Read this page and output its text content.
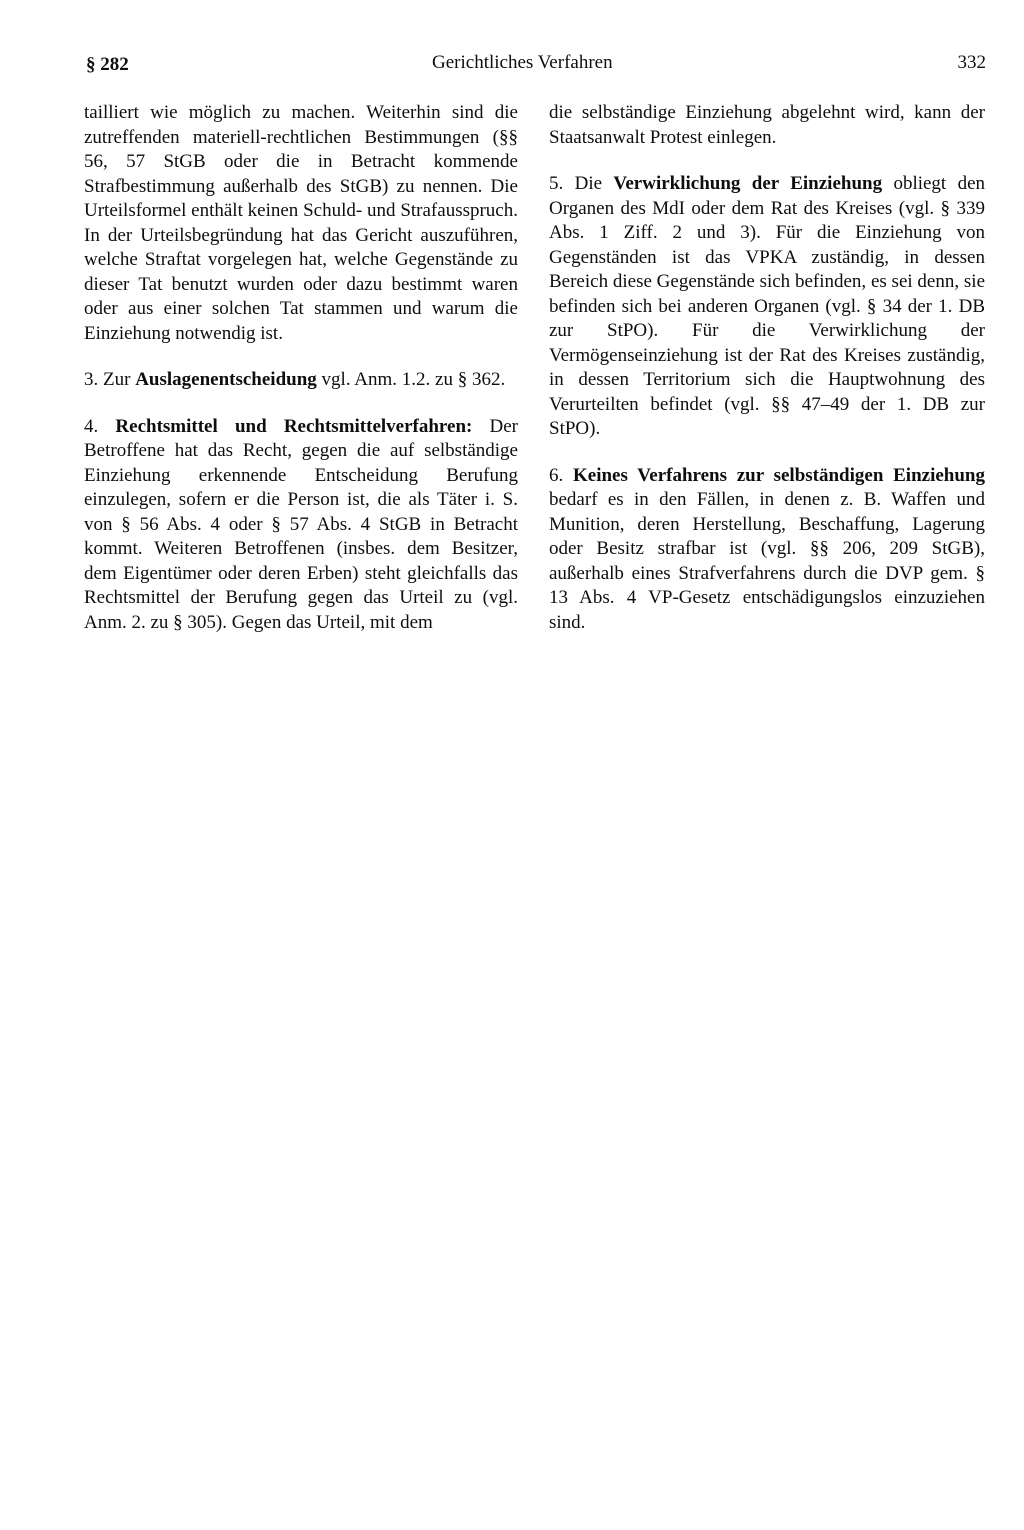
§ 282	Gerichtliches Verfahren	332

tailliert wie möglich zu machen. Weiterhin sind die zutreffenden materiell-rechtlichen Bestimmungen (§§ 56, 57 StGB oder die in Betracht kommende Strafbestimmung außerhalb des StGB) zu nennen. Die Urteilsformel enthält keinen Schuld- und Strafausspruch. In der Urteilsbegründung hat das Gericht auszuführen, welche Straftat vorgelegen hat, welche Gegenstände zu dieser Tat benutzt wurden oder dazu bestimmt waren oder aus einer solchen Tat stammen und warum die Einziehung notwendig ist.

3. Zur Auslagenentscheidung vgl. Anm. 1.2. zu § 362.

4. Rechtsmittel und Rechtsmittelverfahren: Der Betroffene hat das Recht, gegen die auf selbständige Einziehung erkennende Entscheidung Berufung einzulegen, sofern er die Person ist, die als Täter i. S. von § 56 Abs. 4 oder § 57 Abs. 4 StGB in Betracht kommt. Weiteren Betroffenen (insbes. dem Besitzer, dem Eigentümer oder deren Erben) steht gleichfalls das Rechtsmittel der Berufung gegen das Urteil zu (vgl. Anm. 2. zu § 305). Gegen das Urteil, mit dem

die selbständige Einziehung abgelehnt wird, kann der Staatsanwalt Protest einlegen.

5. Die Verwirklichung der Einziehung obliegt den Organen des MdI oder dem Rat des Kreises (vgl. § 339 Abs. 1 Ziff. 2 und 3). Für die Einziehung von Gegenständen ist das VPKA zuständig, in dessen Bereich diese Gegenstände sich befinden, es sei denn, sie befinden sich bei anderen Organen (vgl. § 34 der 1. DB zur StPO). Für die Verwirklichung der Vermögenseinziehung ist der Rat des Kreises zuständig, in dessen Territorium sich die Hauptwohnung des Verurteilten befindet (vgl. §§ 47–49 der 1. DB zur StPO).

6. Keines Verfahrens zur selbständigen Einziehung bedarf es in den Fällen, in denen z. B. Waffen und Munition, deren Herstellung, Beschaffung, Lagerung oder Besitz strafbar ist (vgl. §§ 206, 209 StGB), außerhalb eines Strafverfahrens durch die DVP gem. § 13 Abs. 4 VP-Gesetz entschädigungslos einzuziehen sind.
